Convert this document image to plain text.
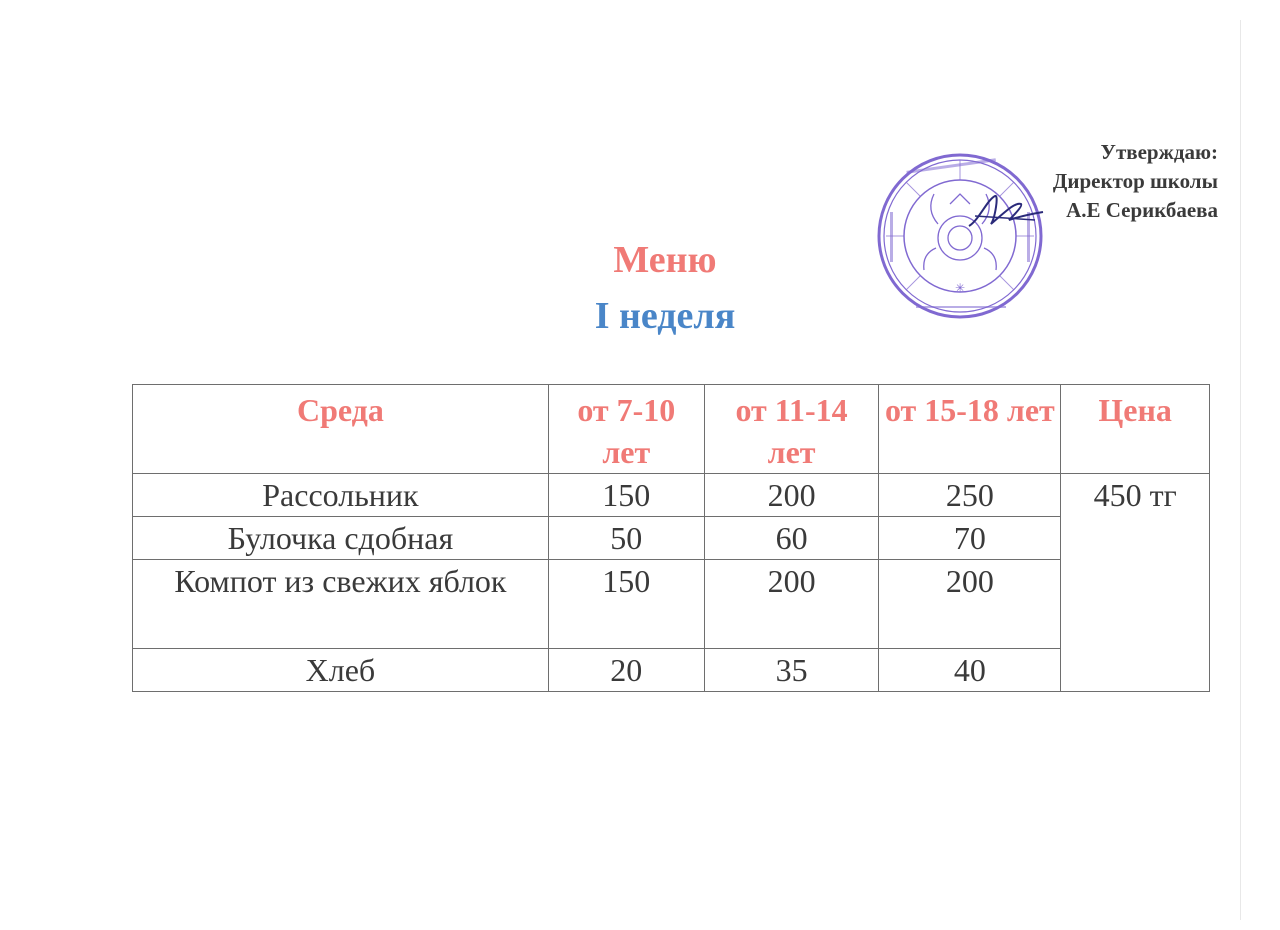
✳
Утверждаю:
Директор школы
А.Е Серикбаева
Меню
I неделя
Среда	от 7-10 лет	от 11-14 лет	от 15-18 лет	Цена
Рассольник	150	200	250	450 тг
Булочка сдобная	50	60	70	
Компот из свежих яблок	150	200	200	
Хлеб	20	35	40	
